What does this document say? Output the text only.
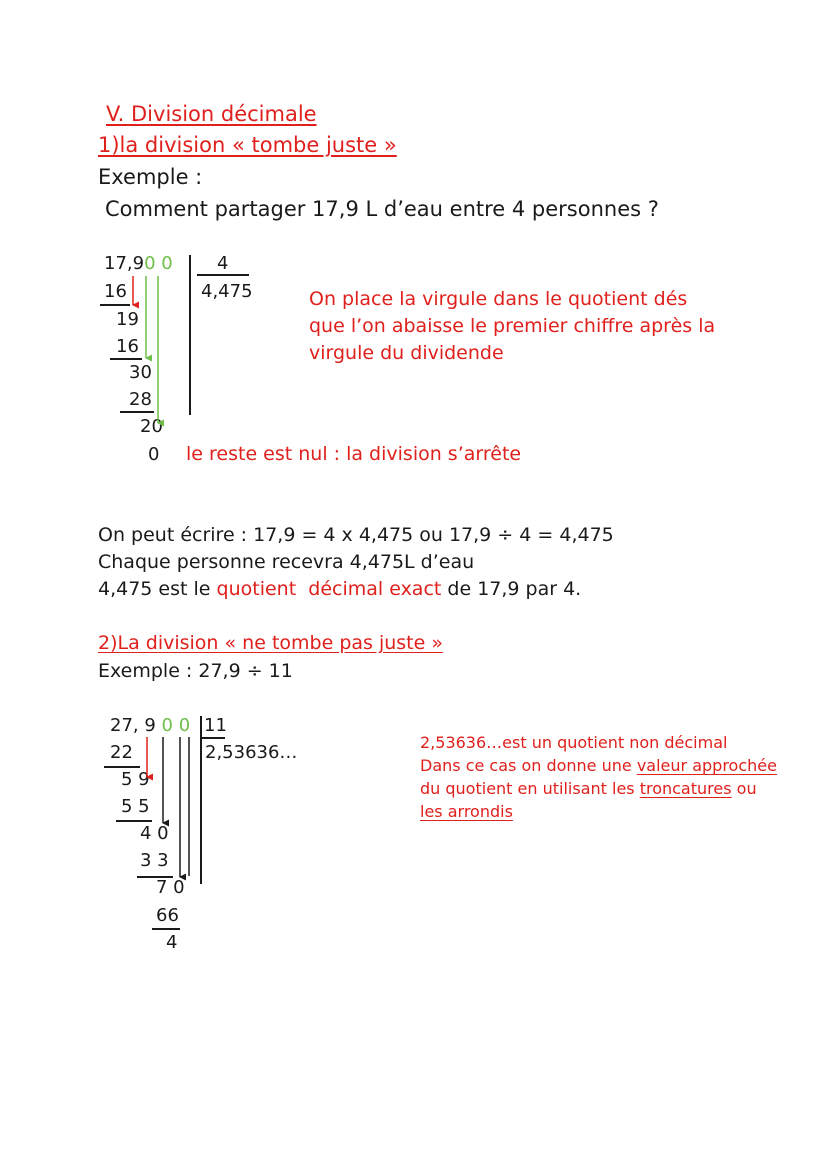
V. Division décimale
1)la division « tombe juste »
Exemple :
Comment partager 17,9 L d’eau entre 4 personnes ?
17,90 0 4
4,475
16
19
16
30
28
20
0 le reste est nul : la division s’arrête
On place la virgule dans le quotient dés que l’on abaisse le premier chiffre après la virgule du dividende
On peut écrire : 17,9 = 4 x 4,475 ou 17,9 ÷ 4 = 4,475
Chaque personne recevra 4,475L d’eau
4,475 est le quotient décimal exact de 17,9 par 4.
2)La division « ne tombe pas juste »
Exemple : 27,9 ÷ 11
27, 9 0 0 11
2,53636…
22
5 9
5 5
4 0
3 3
7 0
66
4
2,53636…est un quotient non décimal
Dans ce cas on donne une valeur approchée
du quotient en utilisant les troncatures ou
les arrondis
